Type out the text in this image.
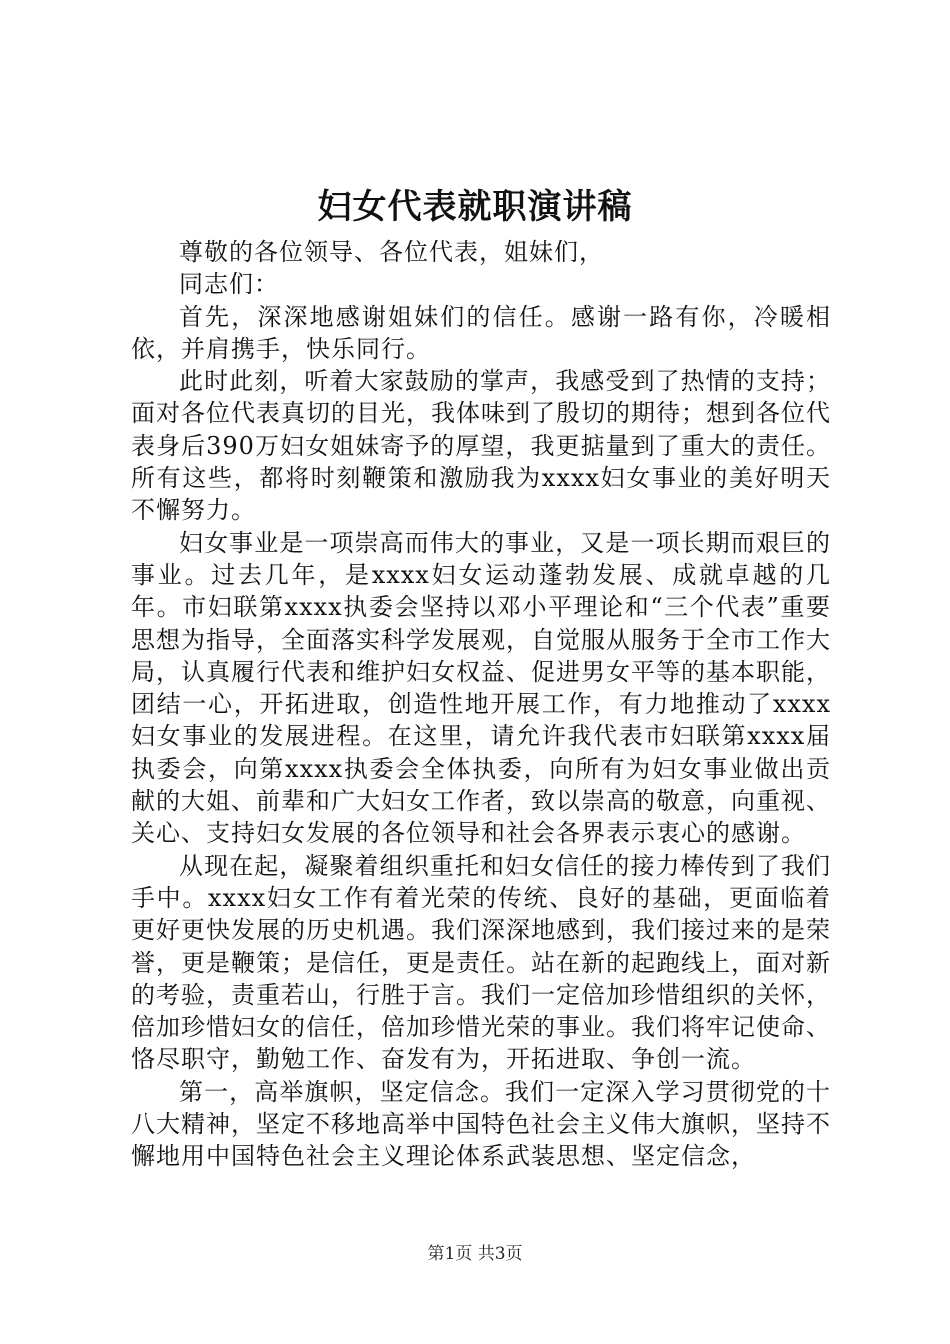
妇女代表就职演讲稿

尊敬的各位领导、各位代表，姐妹们，

同志们：

首先，深深地感谢姐妹们的信任。感谢一路有你，冷暖相依，并肩携手，快乐同行。

此时此刻，听着大家鼓励的掌声，我感受到了热情的支持；面对各位代表真切的目光，我体味到了殷切的期待；想到各位代表身后390万妇女姐妹寄予的厚望，我更掂量到了重大的责任。所有这些，都将时刻鞭策和激励我为xxxx妇女事业的美好明天不懈努力。

妇女事业是一项崇高而伟大的事业，又是一项长期而艰巨的事业。过去几年，是xxxx妇女运动蓬勃发展、成就卓越的几年。市妇联第xxxx执委会坚持以邓小平理论和“三个代表”重要思想为指导，全面落实科学发展观，自觉服从服务于全市工作大局，认真履行代表和维护妇女权益、促进男女平等的基本职能，团结一心，开拓进取，创造性地开展工作，有力地推动了xxxx妇女事业的发展进程。在这里，请允许我代表市妇联第xxxx届执委会，向第xxxx执委会全体执委，向所有为妇女事业做出贡献的大姐、前辈和广大妇女工作者，致以崇高的敬意，向重视、关心、支持妇女发展的各位领导和社会各界表示衷心的感谢。

从现在起，凝聚着组织重托和妇女信任的接力棒传到了我们手中。xxxx妇女工作有着光荣的传统、良好的基础，更面临着更好更快发展的历史机遇。我们深深地感到，我们接过来的是荣誉，更是鞭策；是信任，更是责任。站在新的起跑线上，面对新的考验，责重若山，行胜于言。我们一定倍加珍惜组织的关怀，倍加珍惜妇女的信任，倍加珍惜光荣的事业。我们将牢记使命、恪尽职守，勤勉工作、奋发有为，开拓进取、争创一流。

第一，高举旗帜，坚定信念。我们一定深入学习贯彻党的十八大精神，坚定不移地高举中国特色社会主义伟大旗帜，坚持不懈地用中国特色社会主义理论体系武装思想、坚定信念，

第1页 共3页
